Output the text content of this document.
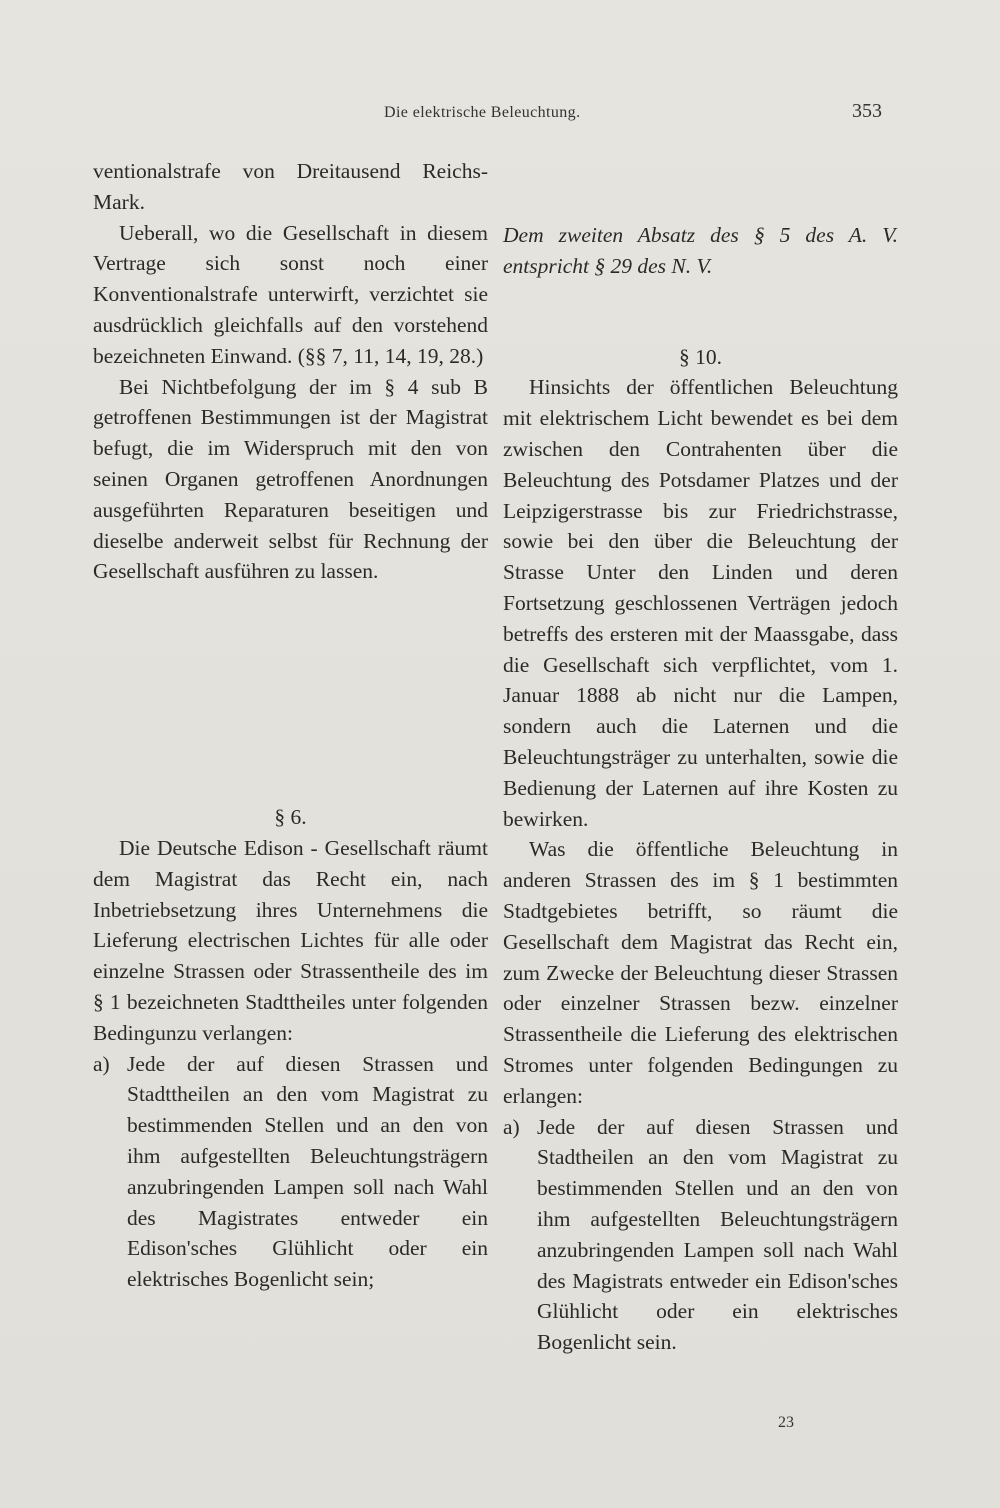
Die elektrische Beleuchtung.	353

ventionalstrafe von Dreitausend Reichs-Mark.

Ueberall, wo die Gesellschaft in diesem Vertrage sich sonst noch einer Konventionalstrafe unterwirft, verzichtet sie ausdrücklich gleichfalls auf den vorstehend bezeichneten Einwand. (§§ 7, 11, 14, 19, 28.)

Bei Nichtbefolgung der im § 4 sub B getroffenen Bestimmungen ist der Magistrat befugt, die im Widerspruch mit den von seinen Organen getroffenen Anordnungen ausgeführten Reparaturen beseitigen und dieselbe anderweit selbst für Rechnung der Gesellschaft ausführen zu lassen.

§ 6.

Die Deutsche Edison - Gesellschaft räumt dem Magistrat das Recht ein, nach Inbetriebsetzung ihres Unternehmens die Lieferung electrischen Lichtes für alle oder einzelne Strassen oder Strassentheile des im § 1 bezeichneten Stadttheiles unter folgenden Bedingunzu verlangen:

a) Jede der auf diesen Strassen und Stadttheilen an den vom Magistrat zu bestimmenden Stellen und an den von ihm aufgestellten Beleuchtungsträgern anzubringenden Lampen soll nach Wahl des Magistrates entweder ein Edison'sches Glühlicht oder ein elektrisches Bogenlicht sein;

Dem zweiten Absatz des § 5 des A. V. entspricht § 29 des N. V.

§ 10.

Hinsichts der öffentlichen Beleuchtung mit elektrischem Licht bewendet es bei dem zwischen den Contrahenten über die Beleuchtung des Potsdamer Platzes und der Leipzigerstrasse bis zur Friedrichstrasse, sowie bei den über die Beleuchtung der Strasse Unter den Linden und deren Fortsetzung geschlossenen Verträgen jedoch betreffs des ersteren mit der Maassgabe, dass die Gesellschaft sich verpflichtet, vom 1. Januar 1888 ab nicht nur die Lampen, sondern auch die Laternen und die Beleuchtungsträger zu unterhalten, sowie die Bedienung der Laternen auf ihre Kosten zu bewirken.

Was die öffentliche Beleuchtung in anderen Strassen des im § 1 bestimmten Stadtgebietes betrifft, so räumt die Gesellschaft dem Magistrat das Recht ein, zum Zwecke der Beleuchtung dieser Strassen oder einzelner Strassen bezw. einzelner Strassentheile die Lieferung des elektrischen Stromes unter folgenden Bedingungen zu erlangen:

a) Jede der auf diesen Strassen und Stadtheilen an den vom Magistrat zu bestimmenden Stellen und an den von ihm aufgestellten Beleuchtungsträgern anzubringenden Lampen soll nach Wahl des Magistrats entweder ein Edison'sches Glühlicht oder ein elektrisches Bogenlicht sein.
23
